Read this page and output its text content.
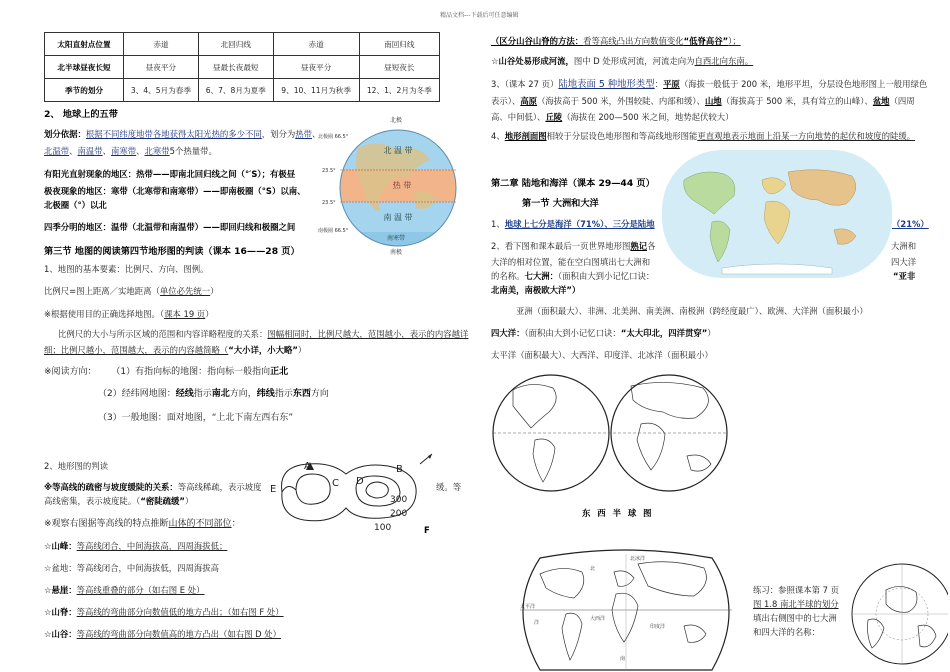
精品文档---下载后可任意编辑
太阳直射点位置	赤道	北回归线	赤道	南回归线
北半球昼夜长短	昼夜平分	昼最长夜最短	昼夜平分	昼短夜长
季节的划分	3、4、5月为春季	6、7、8月为夏季	9、10、11月为秋季	12、1、2月为冬季
2、 地球上的五带
划分依据：根据不同纬度地带各地获得太阳光热的多少不同，划分为热带、
北温带、南温带、南寒带、北寒带5个热量带。
有阳光直射现象的地区：热带——即南北回归线之间（°′S）；有极昼
极夜现象的地区：寒带（北寒带和南寒带）——即南极圈（°S）以南、
北极圈（°）以北
四季分明的地区：温带（北温带和南温带）——即回归线和极圈之间
北极
南极
北 温 带
热 带
南 温 带
南寒带
北极圈 66.5°
23.5°
23.5°
南极圈 66.5°
第三节 地图的阅读第四节地形图的判读（课本 16——28 页）
1、地图的基本要素：比例尺、方向、图例。
比例尺=图上距离／实地距离（单位必先统一）
※根据使用目的正确选择地图。（课本 19 页）
比例尺的大小与所示区域的范围和内容详略程度的关系：图幅相同时，比例尺越大，范围越小，表示的内容越详
细；比例尺越小，范围越大，表示的内容越简略（“大小详，小大略”）
※阅读方向： （1）有指向标的地图：指向标一般指向正北
（2）经纬网地图：经线指示南北方向，纬线指示东西方向
（3）一般地图：面对地图，“上北下南左西右东”
2、地形图的判读
※等高线的疏密与坡度缓陡的关系：等高线稀疏，表示坡度	缓。等
高线密集，表示坡度陡。（“密陡疏缓”）
A	B
C D
E
300
200
100	F
※观察右图据等高线的特点推断山体的不同部位：
☆山峰：等高线闭合，中间海拔高，四周海拔低；
☆盆地：等高线闭合，中间海拔低，四周海拔高
☆悬崖：等高线重叠的部分（如右图 E 处）
☆山脊：等高线的弯曲部分向数值低的地方凸出；（如右图 F 处）
☆山谷：等高线的弯曲部分向数值高的地方凸出（如右图 D 处）
（区分山谷山脊的方法：看等高线凸出方向数值变化“低脊高谷”）；
☆山谷处易形成河流，图中 D 处形成河流，河流走向为自西北向东南。
3、（课本 27 页）陆地表面 5 种地形类型：平原（海拔一般低于 200 米，地形平坦，分层设色地形图上一般用绿色
表示）、高原（海拔高于 500 米，外围较陡、内部和缓）、山地（海拔高于 500 米，具有耸立的山峰）、盆地（四周
高、中间低）、丘陵（海拔在 200—500 米之间，地势起伏较大）
4、地形剖面图相较于分层设色地形图和等高线地形图能更直观地表示地面上沿某一方向地势的起伏和坡度的陡缓。
第二章 陆地和海洋（课本 29—44 页）
第一节 大洲和大洋
1、地球上七分是海洋（71%）、三分是陆地	（21%）
2、看下图和课本最后一页世界地形图熟记各	大洲和
大洋的相对位置，能在空白图填出七大洲和	四大洋
的名称。七大洲：（面积由大到小记忆口诀：	“亚非
北南美，南极欧大洋”）
亚洲（面积最大）、非洲、北美洲、南美洲、南极洲（跨经度最广）、欧洲、大洋洲（面积最小）
四大洋：（面积由大到小记忆口诀：“太大印北，四洋贯穿”）
太平洋（面积最大）、大西洋、印度洋、北冰洋（面积最小）
东 西 半 球 图
北冰洋
北
太平洋
洋
大西洋
印度洋
南
练习：参照课本第 7 页
图 1.8 南北半球的划分
填出右侧图中的七大洲
和四大洋的名称：
